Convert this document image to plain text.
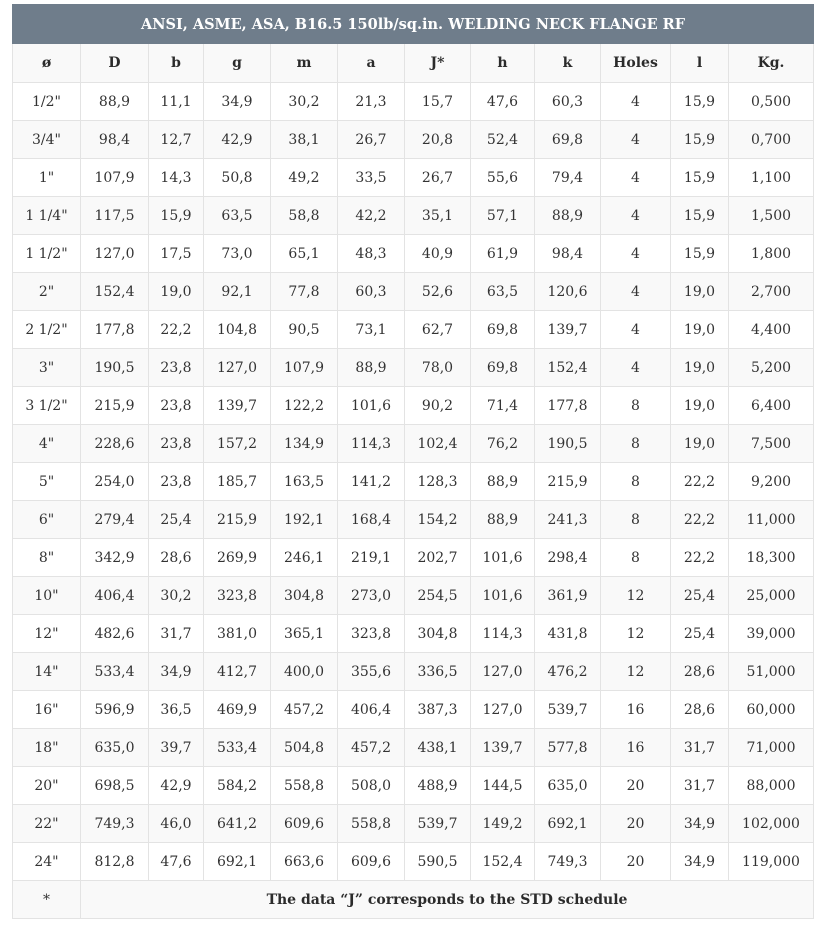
ANSI, ASME, ASA, B16.5 150lb/sq.in. WELDING NECK FLANGE RF											
ø	D	b	g	m	a	J*	h	k	Holes	l	Kg.
1/2"	88,9	11,1	34,9	30,2	21,3	15,7	47,6	60,3	4	15,9	0,500
3/4"	98,4	12,7	42,9	38,1	26,7	20,8	52,4	69,8	4	15,9	0,700
1"	107,9	14,3	50,8	49,2	33,5	26,7	55,6	79,4	4	15,9	1,100
1 1/4"	117,5	15,9	63,5	58,8	42,2	35,1	57,1	88,9	4	15,9	1,500
1 1/2"	127,0	17,5	73,0	65,1	48,3	40,9	61,9	98,4	4	15,9	1,800
2"	152,4	19,0	92,1	77,8	60,3	52,6	63,5	120,6	4	19,0	2,700
2 1/2"	177,8	22,2	104,8	90,5	73,1	62,7	69,8	139,7	4	19,0	4,400
3"	190,5	23,8	127,0	107,9	88,9	78,0	69,8	152,4	4	19,0	5,200
3 1/2"	215,9	23,8	139,7	122,2	101,6	90,2	71,4	177,8	8	19,0	6,400
4"	228,6	23,8	157,2	134,9	114,3	102,4	76,2	190,5	8	19,0	7,500
5"	254,0	23,8	185,7	163,5	141,2	128,3	88,9	215,9	8	22,2	9,200
6"	279,4	25,4	215,9	192,1	168,4	154,2	88,9	241,3	8	22,2	11,000
8"	342,9	28,6	269,9	246,1	219,1	202,7	101,6	298,4	8	22,2	18,300
10"	406,4	30,2	323,8	304,8	273,0	254,5	101,6	361,9	12	25,4	25,000
12"	482,6	31,7	381,0	365,1	323,8	304,8	114,3	431,8	12	25,4	39,000
14"	533,4	34,9	412,7	400,0	355,6	336,5	127,0	476,2	12	28,6	51,000
16"	596,9	36,5	469,9	457,2	406,4	387,3	127,0	539,7	16	28,6	60,000
18"	635,0	39,7	533,4	504,8	457,2	438,1	139,7	577,8	16	31,7	71,000
20"	698,5	42,9	584,2	558,8	508,0	488,9	144,5	635,0	20	31,7	88,000
22"	749,3	46,0	641,2	609,6	558,8	539,7	149,2	692,1	20	34,9	102,000
24"	812,8	47,6	692,1	663,6	609,6	590,5	152,4	749,3	20	34,9	119,000
*	The data “J” corresponds to the STD schedule										
